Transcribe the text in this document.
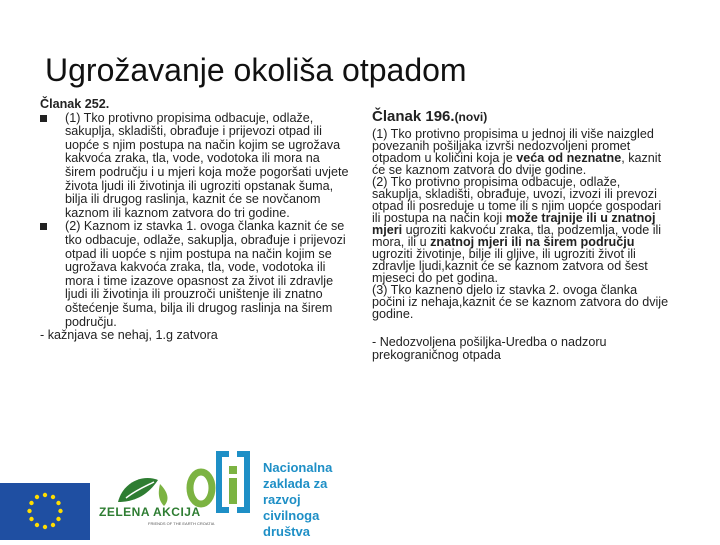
Ugrožavanje okoliša otpadom
Članak 252.
(1) Tko protivno propisima odbacuje, odlaže, sakuplja, skladišti, obrađuje i prijevozi otpad ili uopće s njim postupa na način kojim se ugrožava kakvoća zraka, tla, vode, vodotoka ili mora na širem području i u mjeri koja može pogoršati uvjete života ljudi ili životinja ili ugroziti opstanak šuma, bilja ili drugog raslinja, kaznit će se novčanom kaznom ili kaznom zatvora do tri godine.
(2) Kaznom iz stavka 1. ovoga članka kaznit će se tko odbacuje, odlaže, sakuplja, obrađuje i prijevozi otpad ili uopće s njim postupa na način kojim se ugrožava kakvoća zraka, tla, vode, vodotoka ili mora i time izazove opasnost za život ili zdravlje ljudi ili životinja ili prouzroči uništenje ili znatno oštećenje šuma, bilja ili drugog raslinja na širem području.
- kažnjava se nehaj, 1.g zatvora
Članak 196.(novi)

(1) Tko protivno propisima u jednoj ili više naizgled povezanih pošiljaka izvrši nedozvoljeni promet otpadom u količini koja je veća od neznatne, kaznit će se kaznom zatvora do dvije godine.

(2) Tko protivno propisima odbacuje, odlaže, sakuplja, skladišti, obrađuje, uvozi, izvozi ili prevozi otpad ili posreduje u tome ili s njim uopće gospodari ili postupa na način koji može trajnije ili u znatnoj mjeri ugroziti kakvoću zraka, tla, podzemlja, vode ili mora, ili u znatnoj mjeri ili na širem području ugroziti životinje, bilje ili gljive, ili ugroziti život ili zdravlje ljudi,kaznit će se kaznom zatvora od šest mjeseci do pet godina.

(3) Tko kazneno djelo iz stavka 2. ovoga članka počini iz nehaja,kaznit će se kaznom zatvora do dvije godine.

- Nedozvoljena pošiljka-Uredba o nadzoru prekograničnog otpada

ZELENA AKCIJA
FRIENDS OF THE EARTH CROATIA
Nacionalna
zaklada za
razvoj
civilnoga
društva
